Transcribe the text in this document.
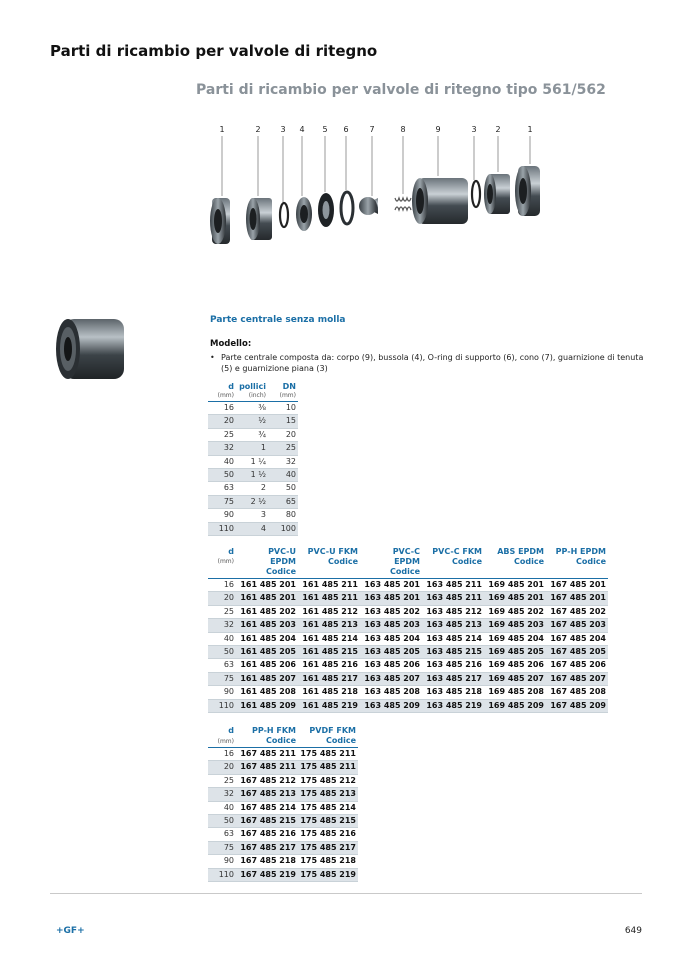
Parti di ricambio per valvole di ritegno
Parti di ricambio per valvole di ritegno tipo 561/562
1	2 3 4 5 6	7	8	9	3 2	1
Parte centrale senza molla
Modello:
• Parte centrale composta da: corpo (9), bussola (4), O-ring di supporto (6), cono (7), guarnizione di tenuta (5) e guarnizione piana (3)
d	pollici	DN
(mm)	(inch)	(mm)
16	⅜	10
20	½	15
25	¾	20
32	1	25
40	1 ¼	32
50	1 ½	40
63	2	50
75	2 ½	65
90	3	80
110	4	100
d	PVC-U	PVC-U FKM	PVC-C	PVC-C FKM	ABS EPDM	PP-H EPDM
(mm)	EPDM	Codice	EPDM	Codice	Codice	Codice
	Codice		Codice			
16	161 485 201	161 485 211	163 485 201	163 485 211	169 485 201	167 485 201
20	161 485 201	161 485 211	163 485 201	163 485 211	169 485 201	167 485 201
25	161 485 202	161 485 212	163 485 202	163 485 212	169 485 202	167 485 202
32	161 485 203	161 485 213	163 485 203	163 485 213	169 485 203	167 485 203
40	161 485 204	161 485 214	163 485 204	163 485 214	169 485 204	167 485 204
50	161 485 205	161 485 215	163 485 205	163 485 215	169 485 205	167 485 205
63	161 485 206	161 485 216	163 485 206	163 485 216	169 485 206	167 485 206
75	161 485 207	161 485 217	163 485 207	163 485 217	169 485 207	167 485 207
90	161 485 208	161 485 218	163 485 208	163 485 218	169 485 208	167 485 208
110	161 485 209	161 485 219	163 485 209	163 485 219	169 485 209	167 485 209
d	PP-H FKM	PVDF FKM
(mm)	Codice	Codice
16	167 485 211	175 485 211
20	167 485 211	175 485 211
25	167 485 212	175 485 212
32	167 485 213	175 485 213
40	167 485 214	175 485 214
50	167 485 215	175 485 215
63	167 485 216	175 485 216
75	167 485 217	175 485 217
90	167 485 218	175 485 218
110	167 485 219	175 485 219
+GF+	649
